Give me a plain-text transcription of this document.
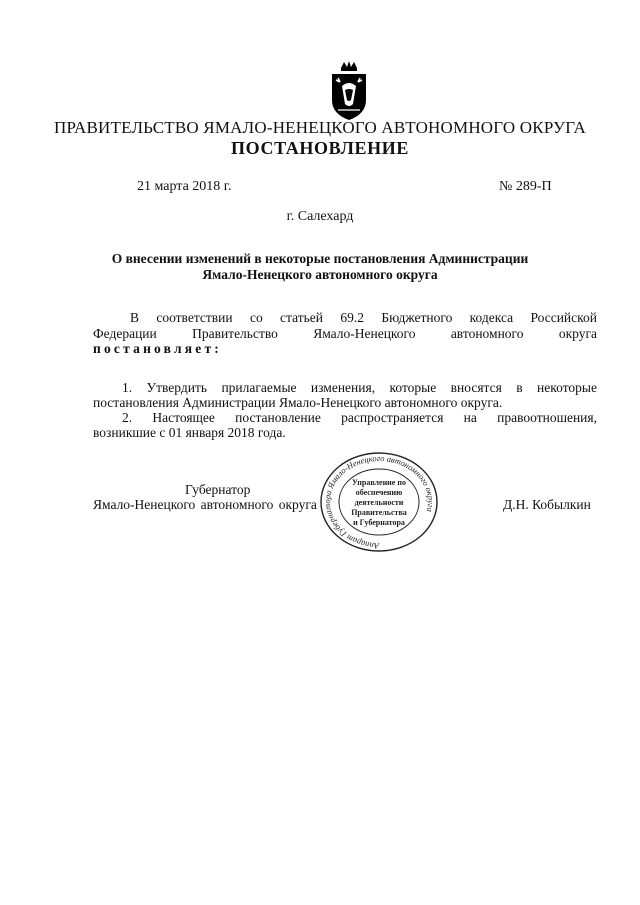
ПРАВИТЕЛЬСТВО ЯМАЛО-НЕНЕЦКОГО АВТОНОМНОГО ОКРУГА
ПОСТАНОВЛЕНИЕ
21 марта 2018 г.	№ 289-П
г. Салехард
О внесении изменений в некоторые постановления Администрации
Ямало-Ненецкого автономного округа
В соответствии со статьей 69.2 Бюджетного кодекса Российской
Федерации Правительство Ямало-Ненецкого автономного округа
постановляет:
1. Утвердить прилагаемые изменения, которые вносятся в некоторые
постановления Администрации Ямало-Ненецкого автономного округа.
2. Настоящее постановление распространяется на правоотношения,
возникшие с 01 января 2018 года.
Аппарат Губернатора Ямало-Ненецкого автономного округа
Управление по
обеспечению
деятельности
Правительства
и Губернатора
Губернатор
Ямало-Ненецкого автономного округа	Д.Н. Кобылкин
